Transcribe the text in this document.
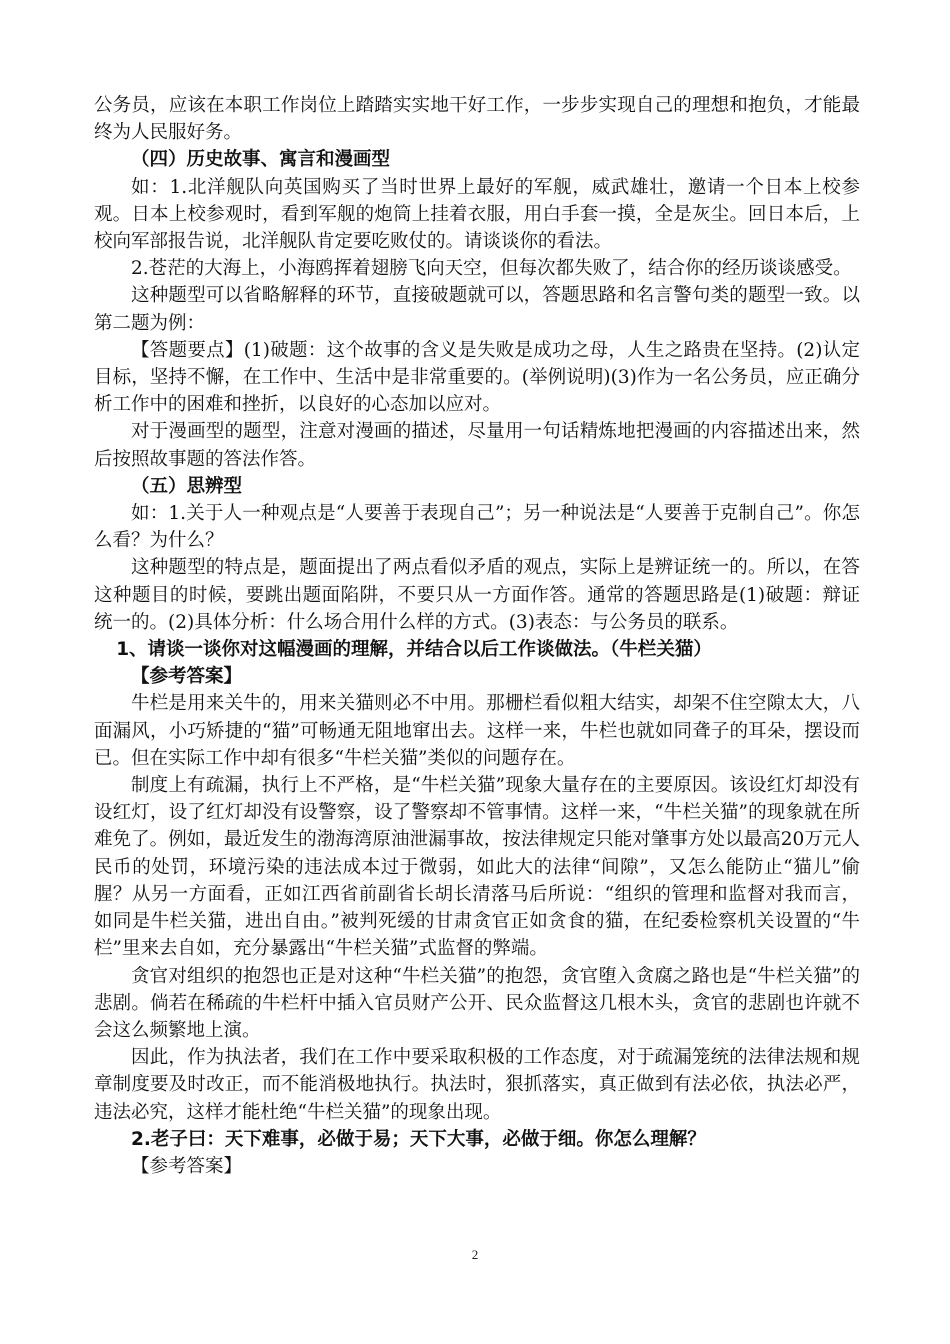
公务员，应该在本职工作岗位上踏踏实实地干好工作，一步步实现自己的理想和抱负，才能最终为人民服好务。

（四）历史故事、寓言和漫画型

如：1.北洋舰队向英国购买了当时世界上最好的军舰，威武雄壮，邀请一个日本上校参观。日本上校参观时，看到军舰的炮筒上挂着衣服，用白手套一摸，全是灰尘。回日本后，上校向军部报告说，北洋舰队肯定要吃败仗的。请谈谈你的看法。

2.苍茫的大海上，小海鸥挥着翅膀飞向天空，但每次都失败了，结合你的经历谈谈感受。

这种题型可以省略解释的环节，直接破题就可以，答题思路和名言警句类的题型一致。以第二题为例：

【答题要点】(1)破题：这个故事的含义是失败是成功之母，人生之路贵在坚持。(2)认定目标，坚持不懈，在工作中、生活中是非常重要的。(举例说明)(3)作为一名公务员，应正确分析工作中的困难和挫折，以良好的心态加以应对。

对于漫画型的题型，注意对漫画的描述，尽量用一句话精炼地把漫画的内容描述出来，然后按照故事题的答法作答。

（五）思辨型

如：1.关于人一种观点是“人要善于表现自己”；另一种说法是“人要善于克制自己”。你怎么看？为什么？

这种题型的特点是，题面提出了两点看似矛盾的观点，实际上是辨证统一的。所以，在答这种题目的时候，要跳出题面陷阱，不要只从一方面作答。通常的答题思路是(1)破题：辩证统一的。(2)具体分析：什么场合用什么样的方式。(3)表态：与公务员的联系。

1、请谈一谈你对这幅漫画的理解，并结合以后工作谈做法。（牛栏关猫）

【参考答案】

牛栏是用来关牛的，用来关猫则必不中用。那栅栏看似粗大结实，却架不住空隙太大，八面漏风，小巧矫捷的“猫”可畅通无阻地窜出去。这样一来，牛栏也就如同聋子的耳朵，摆设而已。但在实际工作中却有很多“牛栏关猫”类似的问题存在。

制度上有疏漏，执行上不严格，是“牛栏关猫”现象大量存在的主要原因。该设红灯却没有设红灯，设了红灯却没有设警察，设了警察却不管事情。这样一来，“牛栏关猫”的现象就在所难免了。例如，最近发生的渤海湾原油泄漏事故，按法律规定只能对肇事方处以最高20万元人民币的处罚，环境污染的违法成本过于微弱，如此大的法律“间隙”，又怎么能防止“猫儿”偷腥？从另一方面看，正如江西省前副省长胡长清落马后所说：“组织的管理和监督对我而言，如同是牛栏关猫，进出自由。”被判死缓的甘肃贪官正如贪食的猫，在纪委检察机关设置的“牛栏”里来去自如，充分暴露出“牛栏关猫”式监督的弊端。

贪官对组织的抱怨也正是对这种“牛栏关猫”的抱怨，贪官堕入贪腐之路也是“牛栏关猫”的悲剧。倘若在稀疏的牛栏杆中插入官员财产公开、民众监督这几根木头，贪官的悲剧也许就不会这么频繁地上演。

因此，作为执法者，我们在工作中要采取积极的工作态度，对于疏漏笼统的法律法规和规章制度要及时改正，而不能消极地执行。执法时，狠抓落实，真正做到有法必依，执法必严，违法必究，这样才能杜绝“牛栏关猫”的现象出现。

2.老子曰：天下难事，必做于易；天下大事，必做于细。你怎么理解？

【参考答案】

2
